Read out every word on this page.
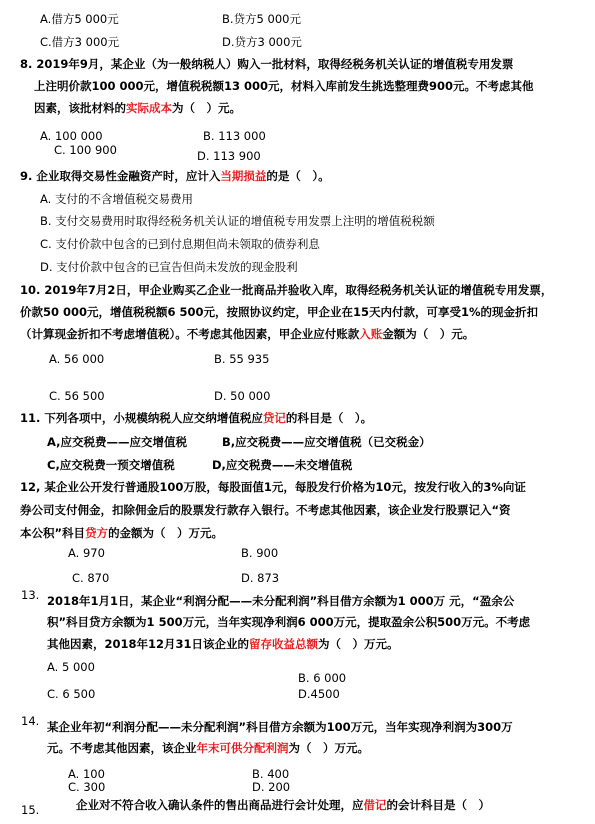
A.借方5 000元	B.贷方5 000元
C.借方3 000元	D.贷方3 000元
8. 2019年9月，某企业（为一般纳税人）购入一批材料，取得经税务机关认证的增值税专用发票
上注明价款100 000元，增值税税额13 000元，材料入库前发生挑选整理费900元。不考虑其他
因素，该批材料的实际成本为（　）元。
A. 100 000	B. 113 000
C. 100 900	D. 113 900
9. 企业取得交易性金融资产时，应计入当期损益的是（　）。
A. 支付的不含增值税交易费用
B. 支付交易费用时取得经税务机关认证的增值税专用发票上注明的增值税税额
C. 支付价款中包含的已到付息期但尚未领取的债券利息
D. 支付价款中包含的已宣告但尚未发放的现金股利
10. 2019年7月2日，甲企业购买乙企业一批商品并验收入库，取得经税务机关认证的增值税专用发票，
价款50 000元，增值税税额6 500元，按照协议约定，甲企业在15天内付款，可享受1%的现金折扣
（计算现金折扣不考虑增值税）。不考虑其他因素，甲企业应付账款入账金额为（　）元。
A. 56 000	B. 55 935
C. 56 500	D. 50 000
11. 下列各项中，小规模纳税人应交纳增值税应贷记的科目是（　）。
A,应交税费——应交增值税	B,应交税费——应交增值税（已交税金）
C,应交税费一预交增值税	D,应交税费——未交增值税
12, 某企业公开发行普通股100万股，每股面值1元，每股发行价格为10元，按发行收入的3%向证
券公司支付佣金，扣除佣金后的股票发行款存入银行。不考虑其他因素，该企业发行股票记入“资
本公积”科目贷方的金额为（　）万元。
A. 970	B. 900
C. 870	D. 873
13. 2018年1月1日，某企业“利润分配——未分配利润”科目借方余额为1 000万 元，“盈余公
积”科目贷方余额为1 500万元，当年实现净利润6 000万元，提取盈余公积500万元。不考虑
其他因素，2018年12月31日该企业的留存收益总额为（　）万元。
A. 5 000
B. 6 000
C. 6 500	D.4500
14. 某企业年初“利润分配——未分配利润”科目借方余额为100万元，当年实现净利润为300万
元。不考虑其他因素，该企业年末可供分配利润为（　）万元。
A. 100	B. 400
C. 300	D. 200
15.	企业对不符合收入确认条件的售出商品进行会计处理，应借记的会计科目是（　）
